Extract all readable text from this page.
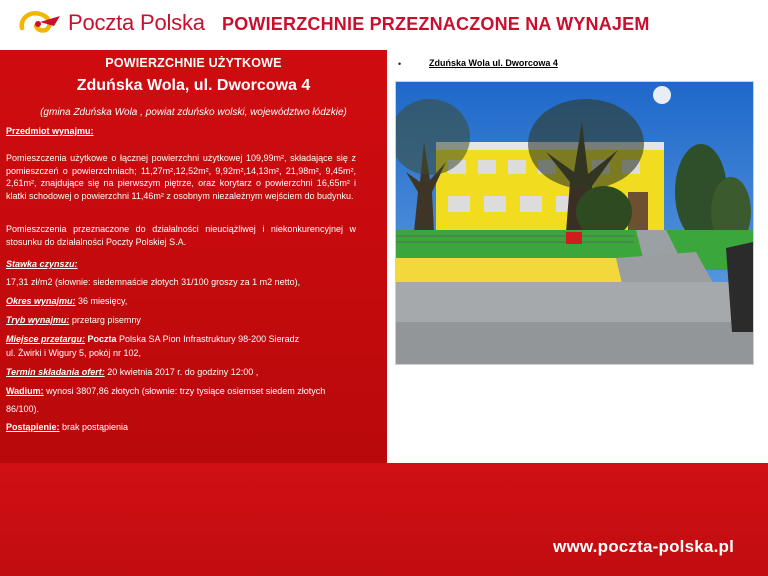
Poczta Polska POWIERZCHNIE PRZEZNACZONE NA WYNAJEM
POWIERZCHNIE UŻYTKOWE
Zduńska Wola, ul. Dworcowa 4
(gmina Zduńska Wola , powiat zduńsko wolski, województwo łódzkie)
Przedmiot wynajmu:
Pomieszczenia użytkowe o łącznej powierzchni użytkowej 109,99m², składające się z pomieszczeń o powierzchniach; 11,27m²,12,52m², 9,92m²,14,13m², 21,98m², 9,45m², 2,61m², znajdujące się na pierwszym piętrze, oraz korytarz o powierzchni 16,65m² i klatki schodowej o powierzchni 11,46m² z osobnym niezależnym wejściem do budynku.
Pomieszczenia przeznaczone do działalności nieuciążliwej i niekonkurencyjnej w stosunku do działalności Poczty Polskiej S.A.
Stawka czynszu:
17,31 zł/m2 (słownie: siedemnaście złotych 31/100 groszy za 1 m2 netto),
Okres wynajmu: 36 miesięcy,
Tryb wynajmu: przetarg pisemny
Miejsce przetargu: Poczta Polska SA Pion Infrastruktury 98-200 Sieradz
ul. Żwirki i Wigury 5, pokój nr 102,
Termin składania ofert: 20 kwietnia 2017 r. do godziny 12:00 ,
Wadium: wynosi 3807,86 złotych (słownie: trzy tysiące osiemset siedem złotych
86/100).
Postąpienie: brak postąpienia
•	Zduńska Wola ul. Dworcowa 4
www.poczta-polska.pl
